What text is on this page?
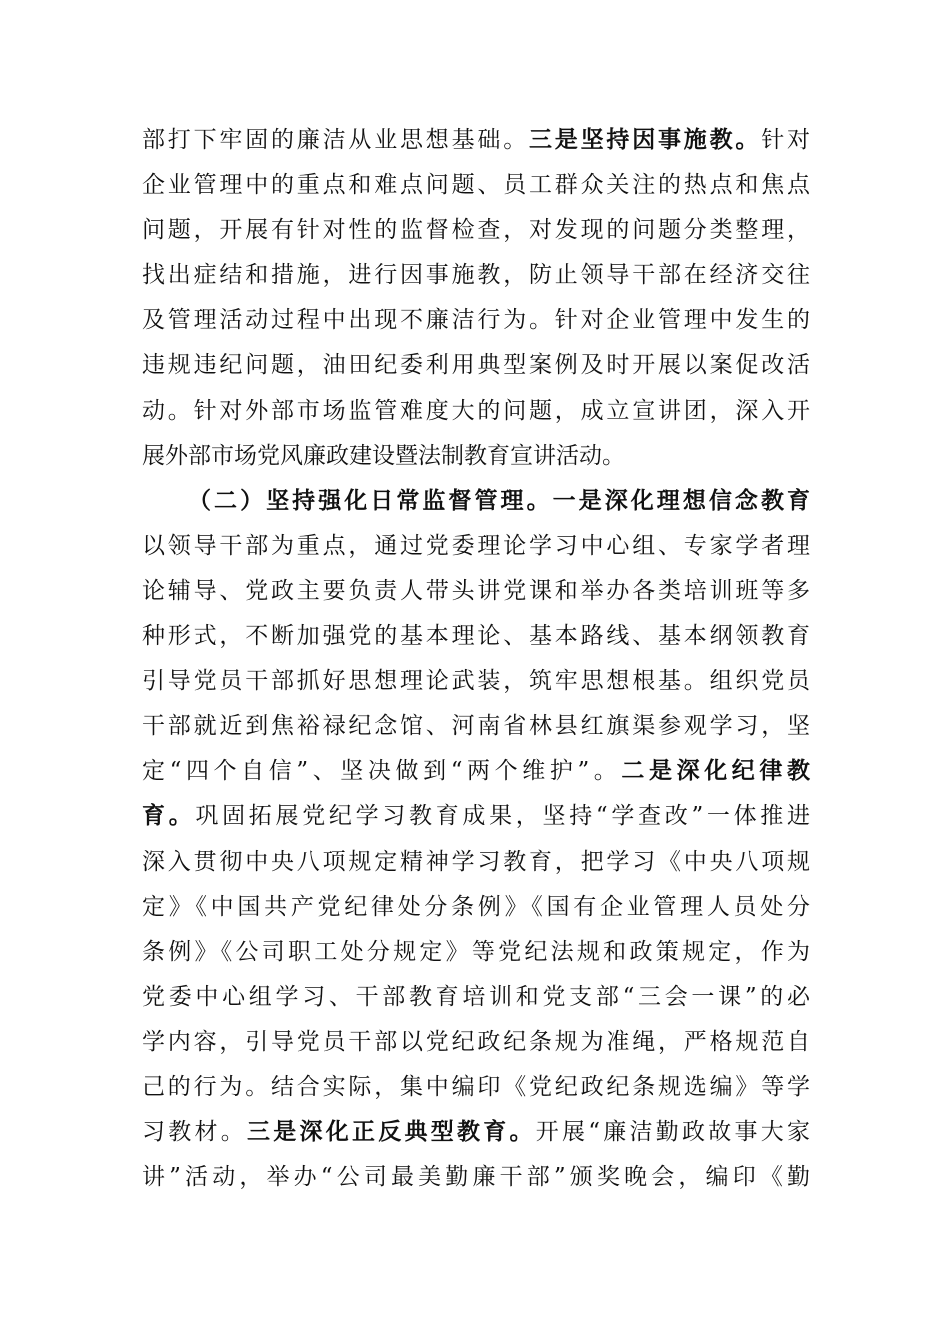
部打下牢固的廉洁从业思想基础。三是坚持因事施教。针对
企业管理中的重点和难点问题、员工群众关注的热点和焦点
问题，开展有针对性的监督检查，对发现的问题分类整理，
找出症结和措施，进行因事施教，防止领导干部在经济交往
及管理活动过程中出现不廉洁行为。针对企业管理中发生的
违规违纪问题，油田纪委利用典型案例及时开展以案促改活
动。针对外部市场监管难度大的问题，成立宣讲团，深入开
展外部市场党风廉政建设暨法制教育宣讲活动。
（二）坚持强化日常监督管理。一是深化理想信念教育
以领导干部为重点，通过党委理论学习中心组、专家学者理
论辅导、党政主要负责人带头讲党课和举办各类培训班等多
种形式，不断加强党的基本理论、基本路线、基本纲领教育
引导党员干部抓好思想理论武装，筑牢思想根基。组织党员
干部就近到焦裕禄纪念馆、河南省林县红旗渠参观学习，坚
定“四个自信”、坚决做到“两个维护”。二是深化纪律教
育。巩固拓展党纪学习教育成果，坚持“学查改”一体推进
深入贯彻中央八项规定精神学习教育，把学习《中央八项规
定》《中国共产党纪律处分条例》《国有企业管理人员处分
条例》《公司职工处分规定》等党纪法规和政策规定，作为
党委中心组学习、干部教育培训和党支部“三会一课”的必
学内容，引导党员干部以党纪政纪条规为准绳，严格规范自
己的行为。结合实际，集中编印《党纪政纪条规选编》等学
习教材。三是深化正反典型教育。开展“廉洁勤政故事大家
讲”活动，举办“公司最美勤廉干部”颁奖晚会，编印《勤
